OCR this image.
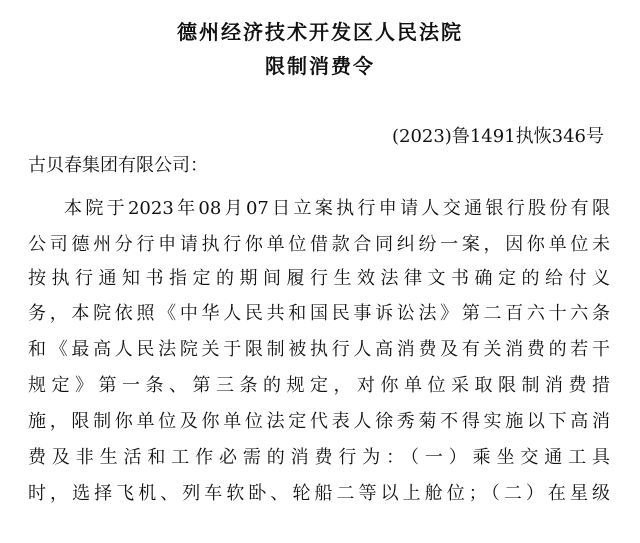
德州经济技术开发区人民法院
限制消费令
(2023)鲁1491执恢346号
古贝春集团有限公司：
本院于2023年08月07日立案执行申请人交通银行股份有限
公司德州分行申请执行你单位借款合同纠纷一案，因你单位未
按执行通知书指定的期间履行生效法律文书确定的给付义
务，本院依照《中华人民共和国民事诉讼法》第二百六十六条
和《最高人民法院关于限制被执行人高消费及有关消费的若干
规定》第一条、第三条的规定，对你单位采取限制消费措
施，限制你单位及你单位法定代表人徐秀菊不得实施以下高消
费及非生活和工作必需的消费行为：（一）乘坐交通工具
时，选择飞机、列车软卧、轮船二等以上舱位；（二）在星级
